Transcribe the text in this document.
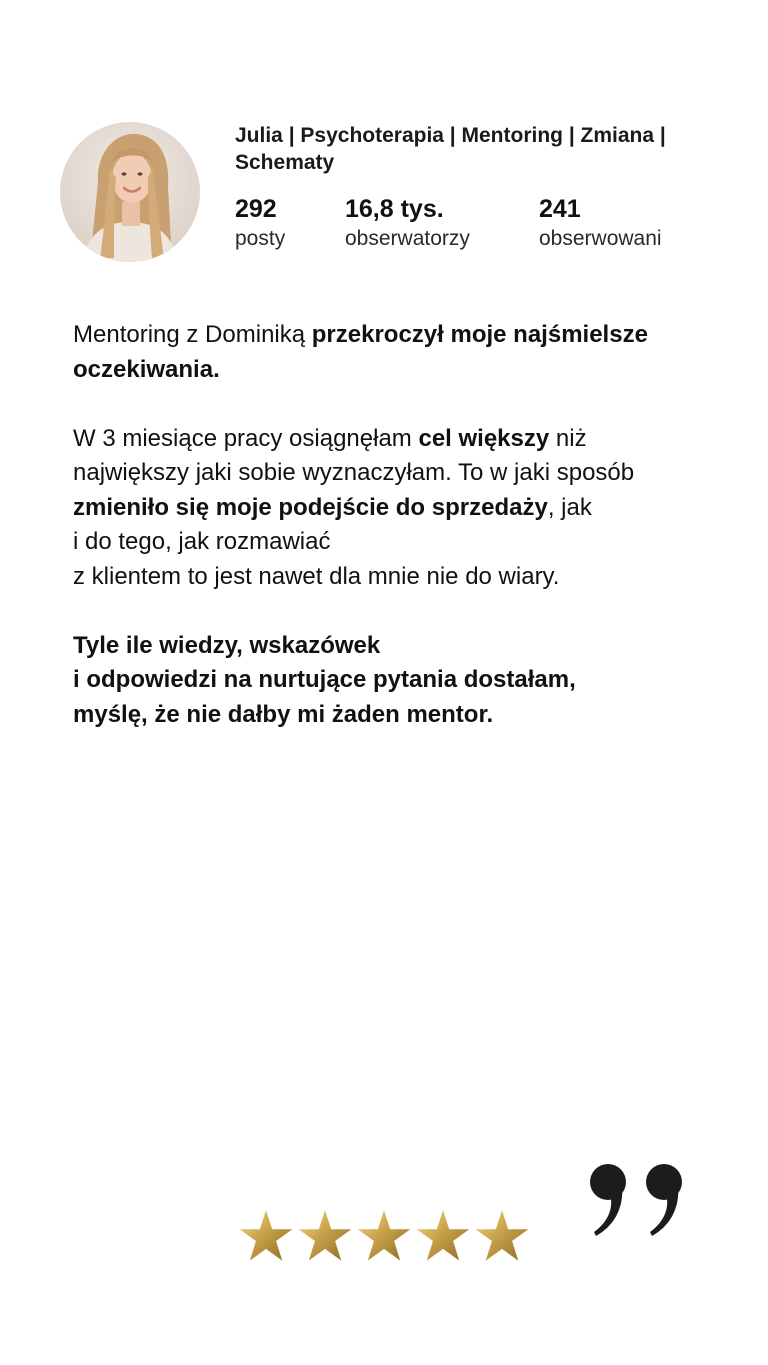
Julia | Psychoterapia | Mentoring | Zmiana | Schematy
292
posty
16,8 tys.
obserwatorzy
241
obserwowani

Mentoring z Dominiką przekroczył moje najśmielsze oczekiwania.

W 3 miesiące pracy osiągnęłam cel większy niż największy jaki sobie wyznaczyłam. To w jaki sposób zmieniło się moje podejście do sprzedaży, jak
i do tego, jak rozmawiać
z klientem to jest nawet dla mnie nie do wiary.

Tyle ile wiedzy, wskazówek
i odpowiedzi na nurtujące pytania dostałam,
myślę, że nie dałby mi żaden mentor.
